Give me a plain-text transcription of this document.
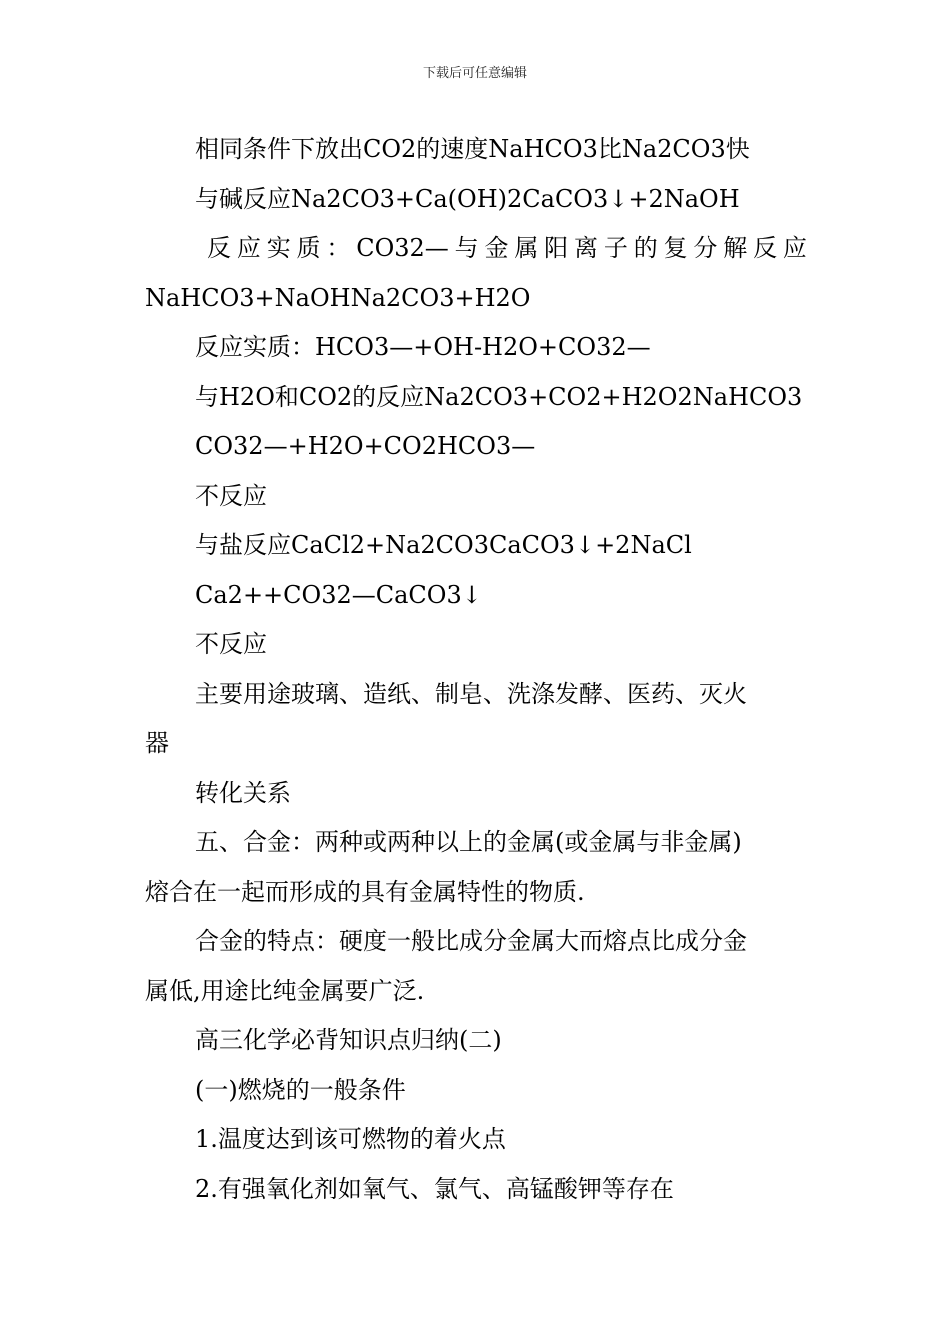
下载后可任意编辑
相同条件下放出CO2的速度NaHCO3比Na2CO3快
与碱反应Na2CO3+Ca(OH)2CaCO3↓+2NaOH
反 应 实 质 ： CO32— 与 金 属 阳 离 子 的 复 分 解 反 应
NaHCO3+NaOHNa2CO3+H2O
反应实质：HCO3—+OH-H2O+CO32—
与H2O和CO2的反应Na2CO3+CO2+H2O2NaHCO3
CO32—+H2O+CO2HCO3—
不反应
与盐反应CaCl2+Na2CO3CaCO3↓+2NaCl
Ca2++CO32—CaCO3↓
不反应
主要用途玻璃、造纸、制皂、洗涤发酵、医药、灭火
器
转化关系
五、合金：两种或两种以上的金属(或金属与非金属)
熔合在一起而形成的具有金属特性的物质.
合金的特点：硬度一般比成分金属大而熔点比成分金
属低,用途比纯金属要广泛.
高三化学必背知识点归纳(二)
(一)燃烧的一般条件
1.温度达到该可燃物的着火点
2.有强氧化剂如氧气、氯气、高锰酸钾等存在
